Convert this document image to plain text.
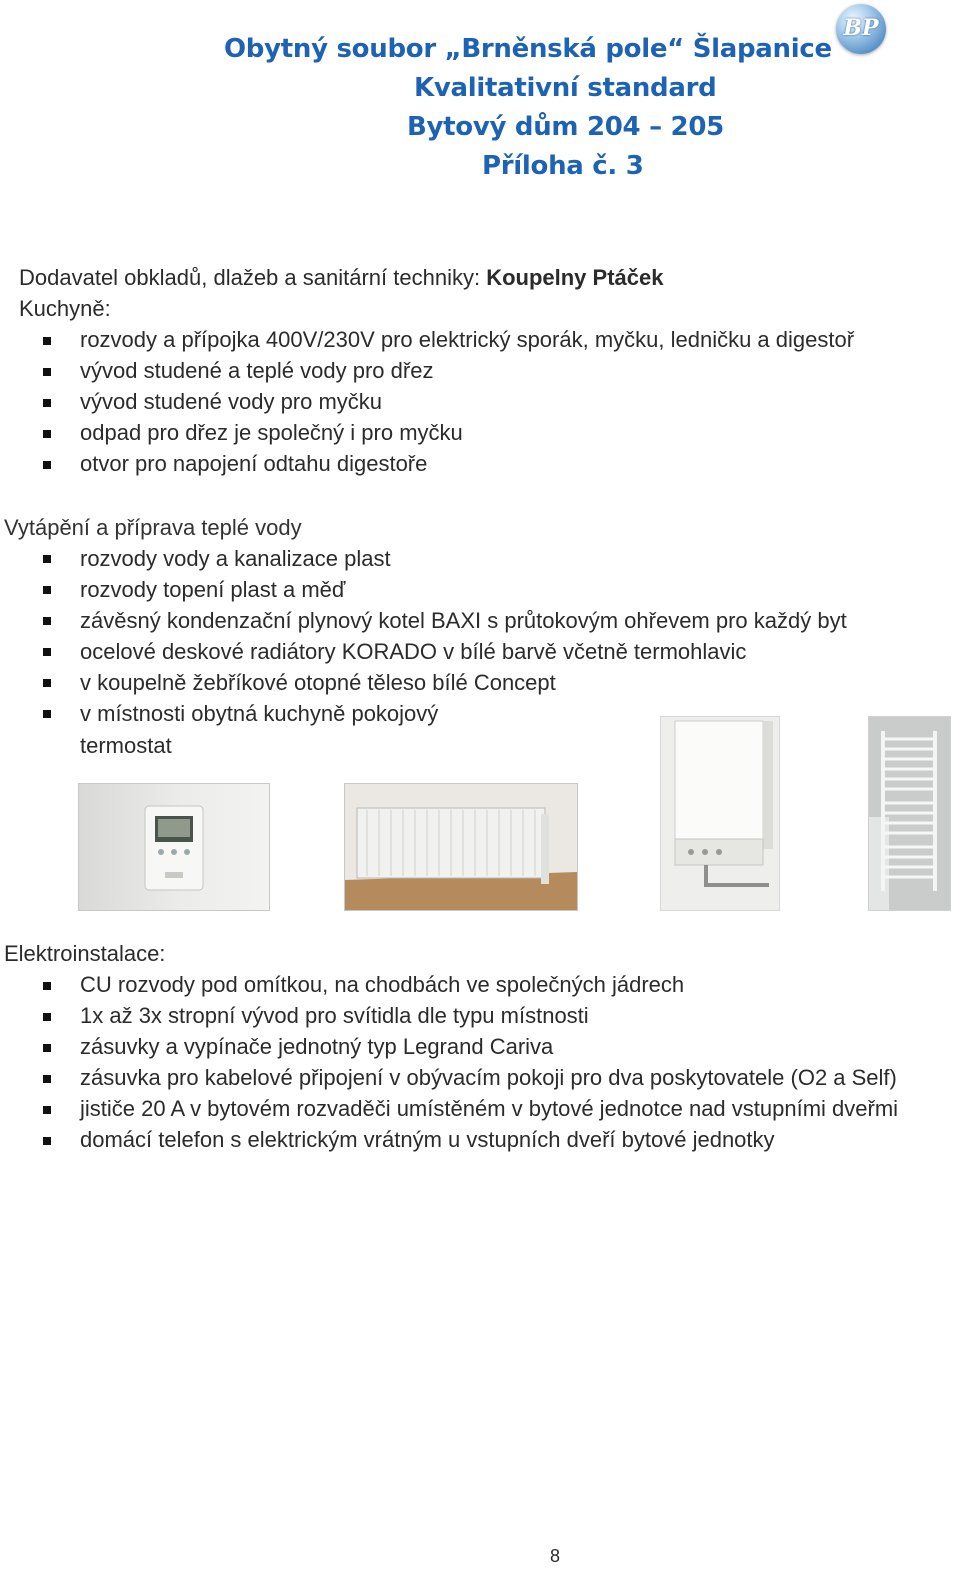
Obytný soubor „Brněnská pole“ Šlapanice
Kvalitativní standard
Bytový dům 204 – 205
Příloha č. 3
BP
Dodavatel obkladů, dlažeb a sanitární techniky: Koupelny Ptáček
Kuchyně:
rozvody a přípojka 400V/230V pro elektrický sporák, myčku, ledničku a digestoř
vývod studené a teplé vody pro dřez
vývod studené vody pro myčku
odpad pro dřez je společný i pro myčku
otvor pro napojení odtahu digestoře
Vytápění a příprava teplé vody
rozvody vody a kanalizace plast
rozvody topení plast a měď
závěsný kondenzační plynový kotel BAXI s průtokovým ohřevem pro každý byt
ocelové deskové radiátory KORADO v bílé barvě včetně termohlavic
v koupelně žebříkové otopné těleso bílé Concept
v místnosti obytná kuchyně pokojový
termostat
Elektroinstalace:
CU rozvody pod omítkou, na chodbách ve společných jádrech
1x až 3x stropní vývod pro svítidla dle typu místnosti
zásuvky a vypínače jednotný typ Legrand Cariva
zásuvka pro kabelové připojení v obývacím pokoji pro dva poskytovatele (O2 a Self)
jističe 20 A v bytovém rozvaděči umístěném v bytové jednotce nad vstupními dveřmi
domácí telefon s elektrickým vrátným u vstupních dveří bytové jednotky
8
